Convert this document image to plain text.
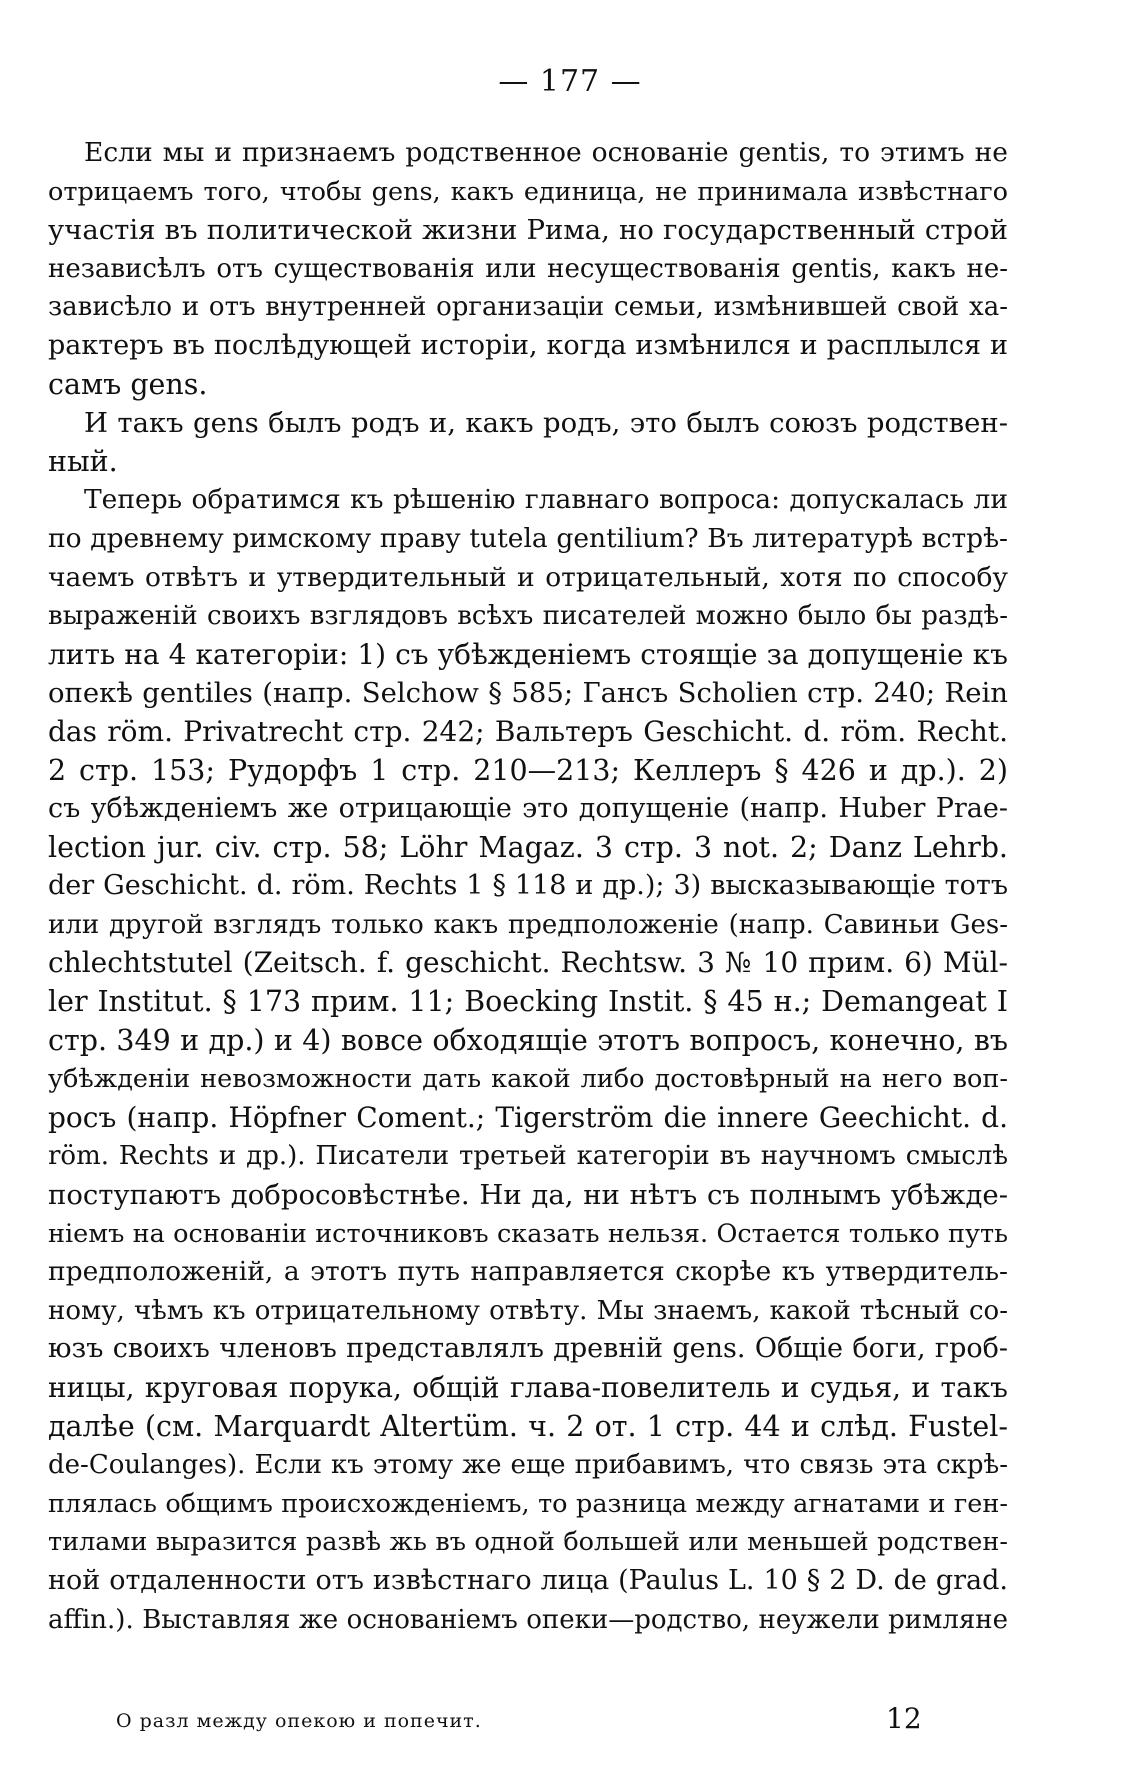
— 177 —
Если мы и признаемъ родственное основанiе gentis, то этимъ не
отрицаемъ того, чтобы gens, какъ единица, не принимала извѣстнаго
участiя въ политической жизни Рима, но государственный строй
независѣлъ отъ существованiя или несуществованiя gentis, какъ не-
зависѣло и отъ внутренней организацiи семьи, измѣнившей свой ха-
рактеръ въ послѣдующей исторiи, когда измѣнился и расплылся и
самъ gens.
И такъ gens былъ родъ и, какъ родъ, это былъ союзъ родствен-
ный.
Теперь обратимся къ рѣшенiю главнаго вопроса: допускалась ли
по древнему римскому праву tutela gentilium? Въ литературѣ встрѣ-
чаемъ отвѣтъ и утвердительный и отрицательный, хотя по способу
выраженiй своихъ взглядовъ всѣхъ писателей можно было бы раздѣ-
лить на 4 категорiи: 1) съ убѣжденiемъ стоящiе за допущенiе къ
опекѣ gentiles (напр. Selchow § 585; Гансъ Scholien стр. 240; Rein
das röm. Privatrecht стр. 242; Вальтеръ Geschicht. d. röm. Recht.
2 стр. 153; Рудорфъ 1 стр. 210—213; Келлеръ § 426 и др.). 2)
съ убѣжденiемъ же отрицающiе это допущенiе (напр. Huber Prae-
lection jur. civ. стр. 58; Löhr Magaz. 3 стр. 3 not. 2; Danz Lehrb.
der Geschicht. d. röm. Rechts 1 § 118 и др.); 3) высказывающiе тотъ
или другой взглядъ только какъ предположенiе (напр. Савиньи Ges-
chlechtstutel (Zeitsch. f. geschicht. Rechtsw. 3 № 10 прим. 6) Mül-
ler Institut. § 173 прим. 11; Boecking Instit. § 45 н.; Demangeat I
стр. 349 и др.) и 4) вовсе обходящiе этотъ вопросъ, конечно, въ
убѣжденiи невозможности дать какой либо достовѣрный на него воп-
росъ (напр. Höpfner Coment.; Tigerström die innere Geechicht. d.
röm. Rechts и др.). Писатели третьей категорiи въ научномъ смыслѣ
поступаютъ добросовѣстнѣе. Ни да, ни нѣтъ съ полнымъ убѣжде-
нiемъ на основанiи источниковъ сказать нельзя. Остается только путь
предположенiй, а этотъ путь направляется скорѣе къ утвердитель-
ному, чѣмъ къ отрицательному отвѣту. Мы знаемъ, какой тѣсный со-
юзъ своихъ членовъ представлялъ древнiй gens. Общiе боги, гроб-
ницы, круговая порука, общiй глава-повелитель и судья, и такъ
далѣе (см. Marquardt Altertüm. ч. 2 от. 1 стр. 44 и слѣд. Fustel-
de-Coulanges). Если къ этому же еще прибавимъ, что связь эта скрѣ-
плялась общимъ происхожденiемъ, то разница между агнатами и ген-
тилами выразится развѣ жь въ одной большей или меньшей родствен-
ной отдаленности отъ извѣстнаго лица (Paulus L. 10 § 2 D. de grad.
affin.). Выставляя же основанiемъ опеки—родство, неужели римляне
О разл между опекою и попечит.	12
